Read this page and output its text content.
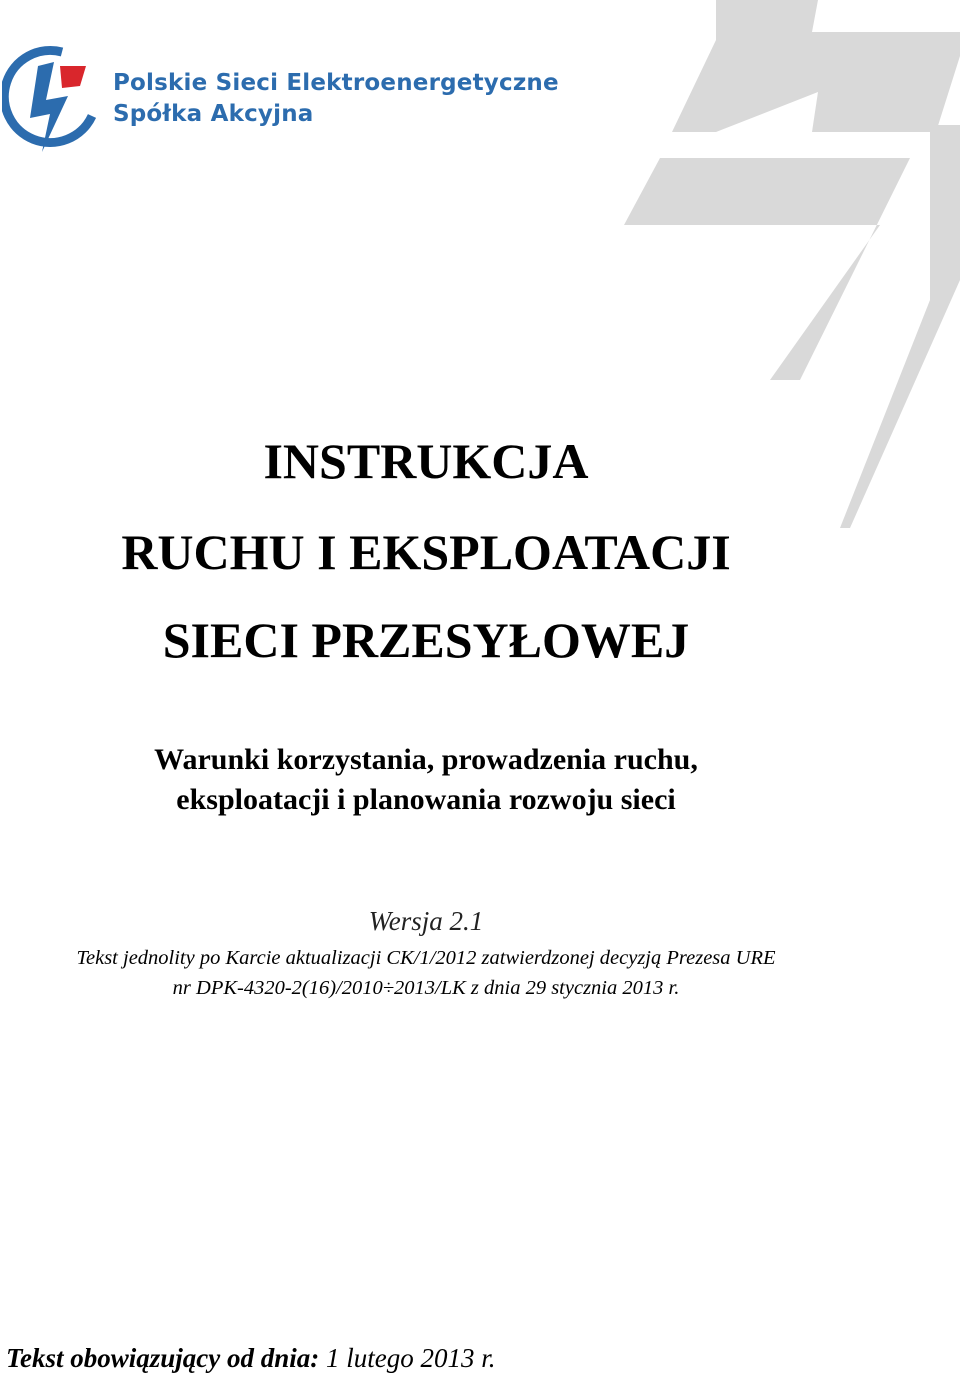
Polskie Sieci Elektroenergetyczne
Spółka Akcyjna
INSTRUKCJA
RUCHU I EKSPLOATACJI
SIECI PRZESYŁOWEJ
Warunki korzystania, prowadzenia ruchu,
eksploatacji i planowania rozwoju sieci
Wersja 2.1
Tekst jednolity po Karcie aktualizacji CK/1/2012 zatwierdzonej decyzją Prezesa URE
nr DPK-4320-2(16)/2010÷2013/LK z dnia 29 stycznia 2013 r.
Tekst obowiązujący od dnia: 1 lutego 2013 r.
